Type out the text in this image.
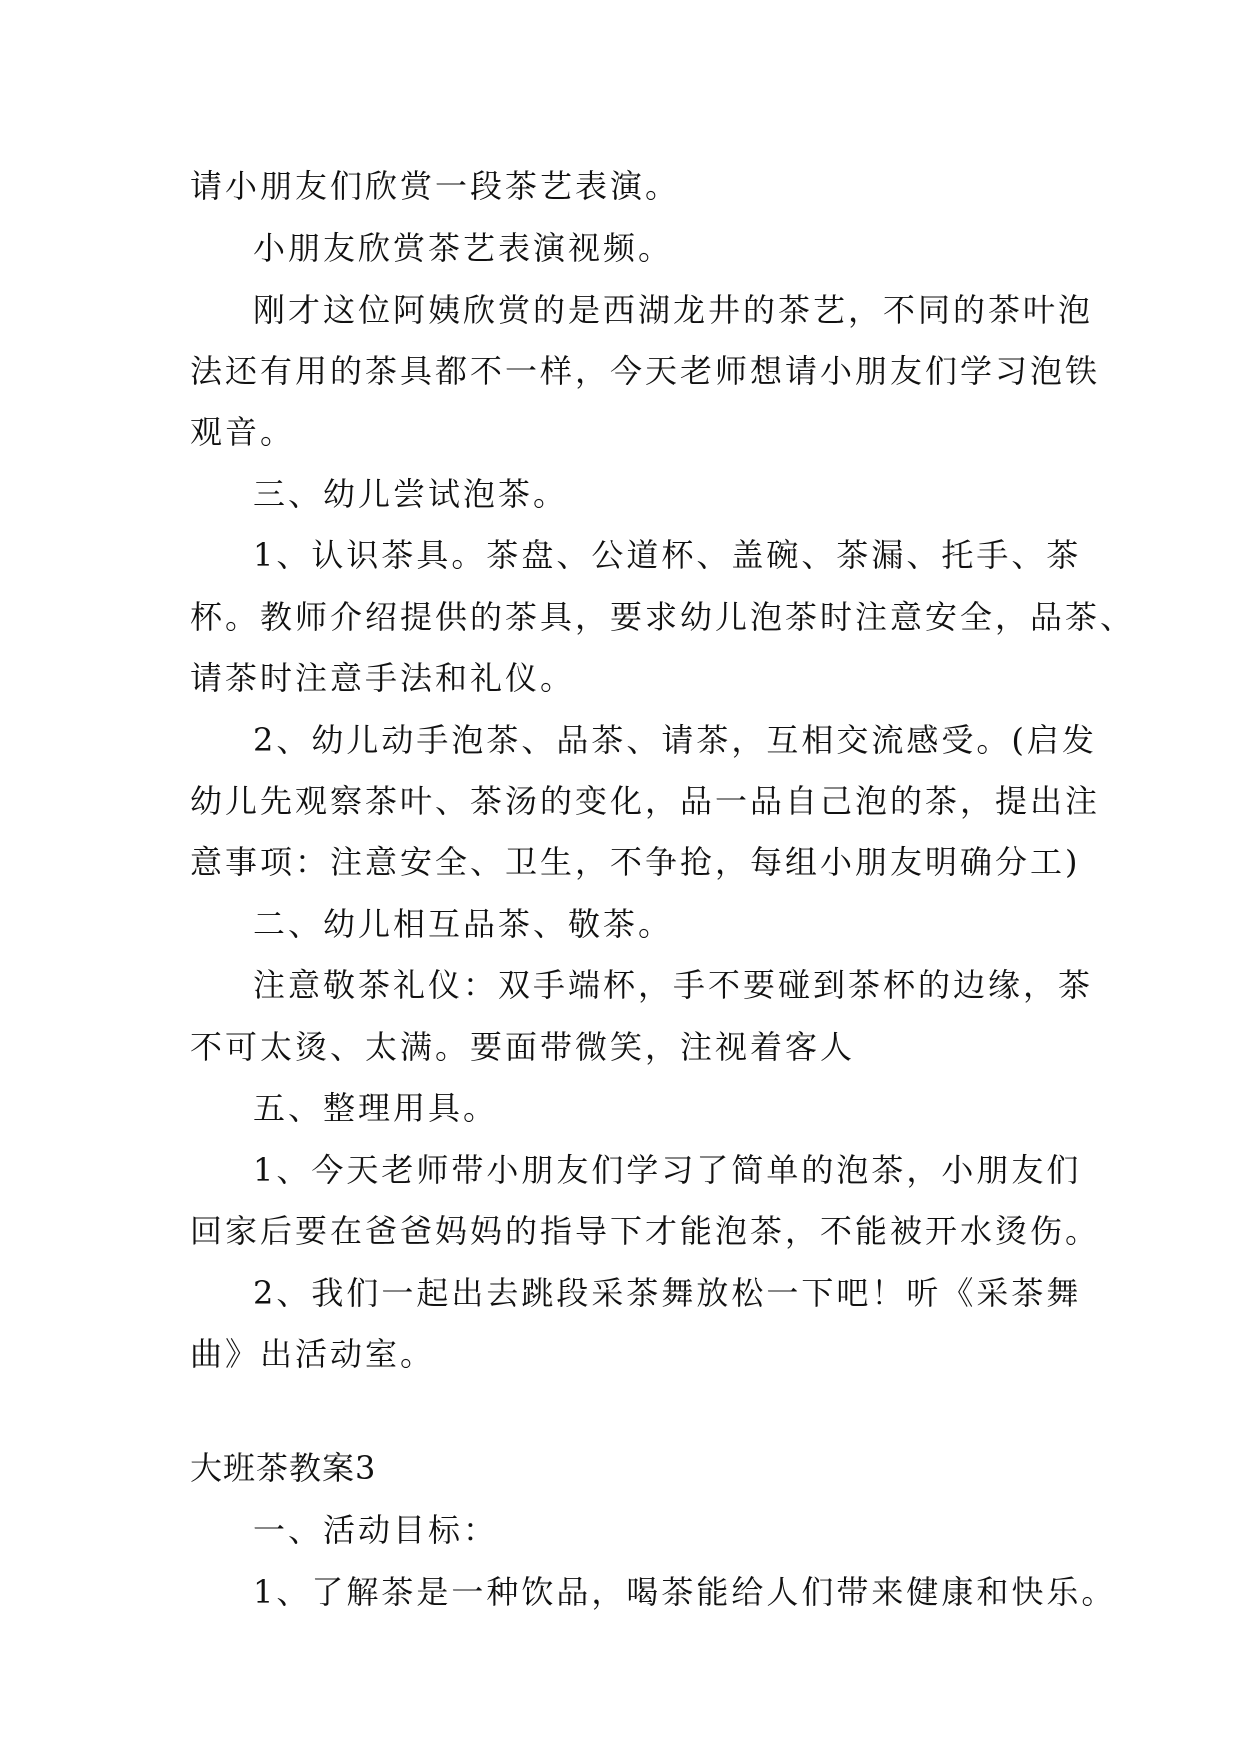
请小朋友们欣赏一段茶艺表演。
小朋友欣赏茶艺表演视频。
刚才这位阿姨欣赏的是西湖龙井的茶艺，不同的茶叶泡
法还有用的茶具都不一样，今天老师想请小朋友们学习泡铁
观音。
三、幼儿尝试泡茶。
1、认识茶具。茶盘、公道杯、盖碗、茶漏、托手、茶
杯。教师介绍提供的茶具，要求幼儿泡茶时注意安全，品茶、
请茶时注意手法和礼仪。
2、幼儿动手泡茶、品茶、请茶，互相交流感受。(启发
幼儿先观察茶叶、茶汤的变化，品一品自己泡的茶，提出注
意事项：注意安全、卫生，不争抢，每组小朋友明确分工)
二、幼儿相互品茶、敬茶。
注意敬茶礼仪：双手端杯，手不要碰到茶杯的边缘，茶
不可太烫、太满。要面带微笑，注视着客人
五、整理用具。
1、今天老师带小朋友们学习了简单的泡茶，小朋友们
回家后要在爸爸妈妈的指导下才能泡茶，不能被开水烫伤。
2、我们一起出去跳段采茶舞放松一下吧！听《采茶舞
曲》出活动室。
大班茶教案3
一、活动目标：
1、了解茶是一种饮品，喝茶能给人们带来健康和快乐。
